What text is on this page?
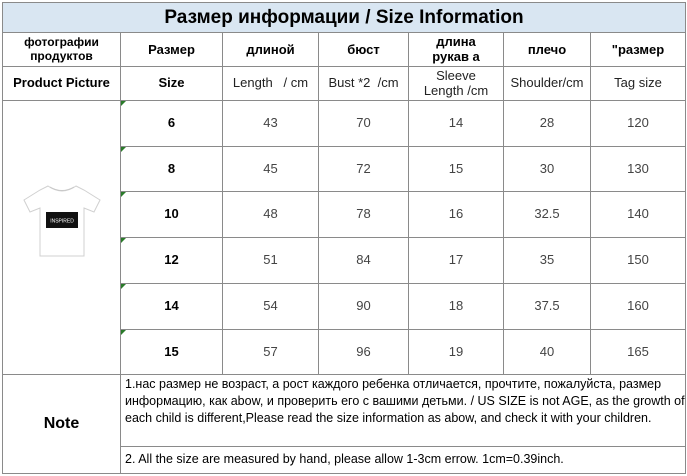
Размер информации / Size Information
фотографии продуктов	Размер	длиной	бюст	длина рукав а	плечо	"размер
Product Picture	Size	Length   / cm	Bust *2  /cm	Sleeve Length /cm	Shoulder/cm	Tag size
INSPIRED
6	43	70	14	28	120
8	45	72	15	30	130
10	48	78	16	32.5	140
12	51	84	17	35	150
14	54	90	18	37.5	160
15	57	96	19	40	165
Note
1.нас размер не возраст, а рост каждого ребенка отличается, прочтите, пожалуйста, размер информацию, как abow, и проверить его с вашими детьми. / US SIZE is not AGE, as the growth of each child is different,Please read the size information as abow, and check it with your children.
2. All the size are measured by hand, please allow 1-3cm errow. 1cm=0.39inch.
